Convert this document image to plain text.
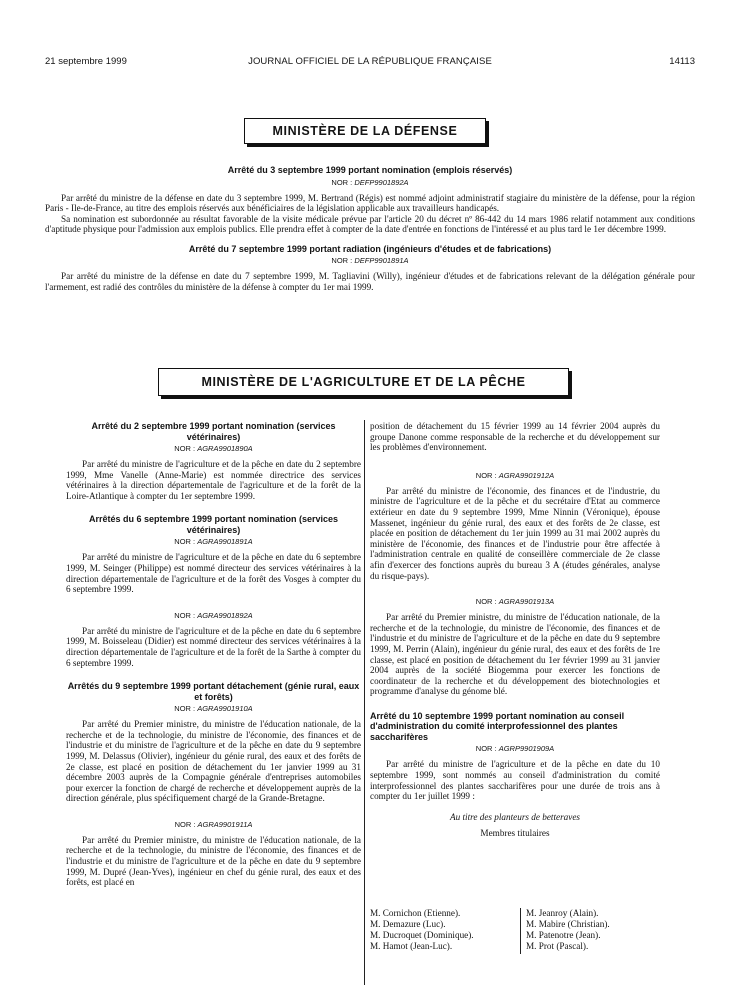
21 septembre 1999	JOURNAL OFFICIEL DE LA RÉPUBLIQUE FRANÇAISE	14113
MINISTÈRE DE LA DÉFENSE

Arrêté du 3 septembre 1999 portant nomination (emplois réservés)

NOR : DEFP9901892A

Par arrêté du ministre de la défense en date du 3 septembre 1999, M. Bertrand (Régis) est nommé adjoint administratif stagiaire du ministère de la défense, pour la région Paris - Ile-de-France, au titre des emplois réservés aux bénéficiaires de la législation applicable aux travailleurs handicapés.

Sa nomination est subordonnée au résultat favorable de la visite médicale prévue par l'article 20 du décret nº 86-442 du 14 mars 1986 relatif notamment aux conditions d'aptitude physique pour l'admission aux emplois publics. Elle prendra effet à compter de la date d'entrée en fonctions de l'intéressé et au plus tard le 1er décembre 1999.

Arrêté du 7 septembre 1999 portant radiation (ingénieurs d'études et de fabrications)

NOR : DEFP9901891A

Par arrêté du ministre de la défense en date du 7 septembre 1999, M. Tagliavini (Willy), ingénieur d'études et de fabrications relevant de la délégation générale pour l'armement, est radié des contrôles du ministère de la défense à compter du 1er mai 1999.

MINISTÈRE DE L'AGRICULTURE ET DE LA PÊCHE

Arrêté du 2 septembre 1999 portant nomination (services vétérinaires)

NOR : AGRA9901890A

Par arrêté du ministre de l'agriculture et de la pêche en date du 2 septembre 1999, Mme Vanelle (Anne-Marie) est nommée directrice des services vétérinaires à la direction départementale de l'agriculture et de la forêt de la Loire-Atlantique à compter du 1er septembre 1999.

Arrêtés du 6 septembre 1999 portant nomination (services vétérinaires)

NOR : AGRA9901891A

Par arrêté du ministre de l'agriculture et de la pêche en date du 6 septembre 1999, M. Seinger (Philippe) est nommé directeur des services vétérinaires à la direction départementale de l'agriculture et de la forêt des Vosges à compter du 6 septembre 1999.

NOR : AGRA9901892A

Par arrêté du ministre de l'agriculture et de la pêche en date du 6 septembre 1999, M. Boisseleau (Didier) est nommé directeur des services vétérinaires à la direction départementale de l'agriculture et de la forêt de la Sarthe à compter du 6 septembre 1999.

Arrêtés du 9 septembre 1999 portant détachement (génie rural, eaux et forêts)

NOR : AGRA9901910A

Par arrêté du Premier ministre, du ministre de l'éducation nationale, de la recherche et de la technologie, du ministre de l'économie, des finances et de l'industrie et du ministre de l'agriculture et de la pêche en date du 9 septembre 1999, M. Delassus (Olivier), ingénieur du génie rural, des eaux et des forêts de 2e classe, est placé en position de détachement du 1er janvier 1999 au 31 décembre 2003 auprès de la Compagnie générale d'entreprises automobiles pour exercer la fonction de chargé de recherche et développement auprès de la direction générale, plus spécifiquement chargé de la Grande-Bretagne.

NOR : AGRA9901911A

Par arrêté du Premier ministre, du ministre de l'éducation nationale, de la recherche et de la technologie, du ministre de l'économie, des finances et de l'industrie et du ministre de l'agriculture et de la pêche en date du 9 septembre 1999, M. Dupré (Jean-Yves), ingénieur en chef du génie rural, des eaux et des forêts, est placé en

position de détachement du 15 février 1999 au 14 février 2004 auprès du groupe Danone comme responsable de la recherche et du développement sur les problèmes d'environnement.

NOR : AGRA9901912A

Par arrêté du ministre de l'économie, des finances et de l'industrie, du ministre de l'agriculture et de la pêche et du secrétaire d'Etat au commerce extérieur en date du 9 septembre 1999, Mme Ninnin (Véronique), épouse Massenet, ingénieur du génie rural, des eaux et des forêts de 2e classe, est placée en position de détachement du 1er juin 1999 au 31 mai 2002 auprès du ministère de l'économie, des finances et de l'industrie pour être affectée à l'administration centrale en qualité de conseillère commerciale de 2e classe afin d'exercer des fonctions auprès du bureau 3 A (études générales, analyse du risque-pays).

NOR : AGRA9901913A

Par arrêté du Premier ministre, du ministre de l'éducation nationale, de la recherche et de la technologie, du ministre de l'économie, des finances et de l'industrie et du ministre de l'agriculture et de la pêche en date du 9 septembre 1999, M. Perrin (Alain), ingénieur du génie rural, des eaux et des forêts de 1re classe, est placé en position de détachement du 1er février 1999 au 31 janvier 2004 auprès de la société Biogemma pour exercer les fonctions de coordinateur de la recherche et du développement des biotechnologies et programme d'analyse du génome blé.

Arrêté du 10 septembre 1999 portant nomination au conseil d'administration du comité interprofessionnel des plantes saccharifères

NOR : AGRP9901909A

Par arrêté du ministre de l'agriculture et de la pêche en date du 10 septembre 1999, sont nommés au conseil d'administration du comité interprofessionnel des plantes saccharifères pour une durée de trois ans à compter du 1er juillet 1999 :

Au titre des planteurs de betteraves

Membres titulaires

M. Cornichon (Etienne).
M. Demazure (Luc).
M. Ducroquet (Dominique).
M. Hamot (Jean-Luc).
M. Jeanroy (Alain).
M. Mabire (Christian).
M. Patenotre (Jean).
M. Prot (Pascal).
